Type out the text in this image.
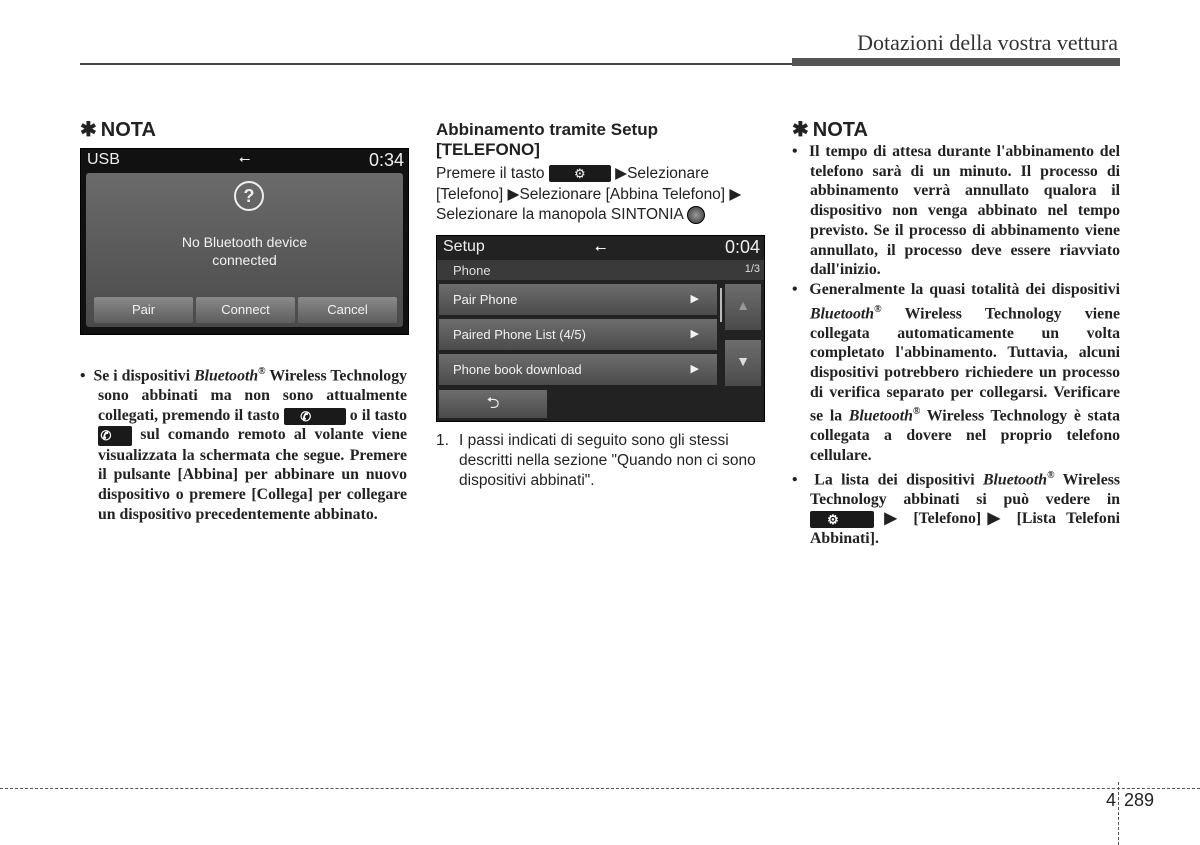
Dotazioni della vostra vettura
✱ NOTA
USB	⭠	0:34
?
No Bluetooth device
connected
Pair	Connect	Cancel
•  Se i dispositivi Bluetooth® Wireless Technology sono abbinati ma non sono attualmente collegati, premendo il tasto ✆ o il tasto ✆ sul comando remoto al volante viene visualizzata la schermata che segue. Premere il pulsante [Abbina] per abbinare un nuovo dispositivo o premere [Collega] per collegare un dispositivo precedentemente abbinato.
Abbinamento tramite Setup [TELEFONO]
Premere il tasto ⚙ ▶Selezionare [Telefono] ▶Selezionare [Abbina Telefono] ▶ Selezionare la manopola SINTONIA
Setup	⭠	0:04
Phone	1/3
Pair Phone	▶
Paired Phone List (4/5)	▶
Phone book download	▶
▲
▼
⮌
1. I passi indicati di seguito sono gli stessi descritti nella sezione "Quando non ci sono dispositivi abbinati".
✱ NOTA
•  Il tempo di attesa durante l'abbinamento del telefono sarà di un minuto. Il processo di abbinamento verrà annullato qualora il dispositivo non venga abbinato nel tempo previsto. Se il processo di abbinamento viene annullato, il processo deve essere riavviato dall'inizio.
•  Generalmente la quasi totalità dei dispositivi Bluetooth® Wireless Technology viene collegata automaticamente un volta completato l'abbinamento. Tuttavia, alcuni dispositivi potrebbero richiedere un processo di verifica separato per collegarsi. Verificare se la Bluetooth® Wireless Technology è stata collegata a dovere nel proprio telefono cellulare.
•  La lista dei dispositivi Bluetooth® Wireless Technology abbinati si può vedere in ⚙ ▶ [Telefono]▶ [Lista Telefoni Abbinati].
4 289
